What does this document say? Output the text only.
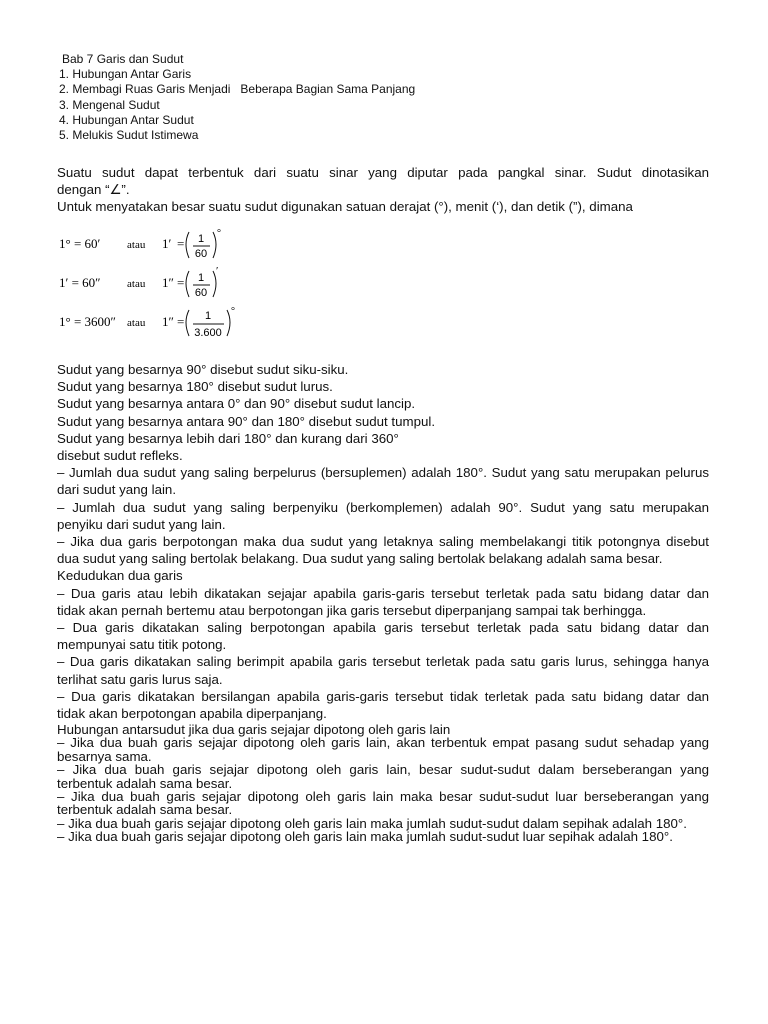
Bab 7 Garis dan Sudut
1. Hubungan Antar Garis
2. Membagi Ruas Garis Menjadi   Beberapa Bagian Sama Panjang
3. Mengenal Sudut
4. Hubungan Antar Sudut
5. Melukis Sudut Istimewa
Suatu sudut dapat terbentuk dari suatu sinar yang diputar pada pangkal sinar. Sudut dinotasikan
dengan “∠”.
Untuk menyatakan besar suatu sudut digunakan satuan derajat (°), menit (‘), dan detik (”), dimana
1° = 60′ atau 1′ = 1
60
°
1′ = 60″ atau 1″ = 1
60
′
1° = 3600″ atau 1″ = 1
3.600
°
Sudut yang besarnya 90° disebut sudut siku-siku.
Sudut yang besarnya 180° disebut sudut lurus.
Sudut yang besarnya antara 0° dan 90° disebut sudut lancip.
Sudut yang besarnya antara 90° dan 180° disebut sudut tumpul.
Sudut yang besarnya lebih dari 180° dan kurang dari 360°
disebut sudut refleks.
– Jumlah dua sudut yang saling berpelurus (bersuplemen) adalah 180°. Sudut yang satu merupakan pelurus
dari sudut yang lain.
– Jumlah dua sudut yang saling berpenyiku (berkomplemen) adalah 90°. Sudut yang satu merupakan
penyiku dari sudut yang lain.
– Jika dua garis berpotongan maka dua sudut yang letaknya saling membelakangi titik potongnya disebut
dua sudut yang saling bertolak belakang. Dua sudut yang saling bertolak belakang adalah sama besar.
Kedudukan dua garis
– Dua garis atau lebih dikatakan sejajar apabila garis-garis tersebut terletak pada satu bidang datar dan
tidak akan pernah bertemu atau berpotongan jika garis tersebut diperpanjang sampai tak berhingga.
– Dua garis dikatakan saling berpotongan apabila garis tersebut terletak pada satu bidang datar dan
mempunyai satu titik potong.
– Dua garis dikatakan saling berimpit apabila garis tersebut terletak pada satu garis lurus, sehingga hanya
terlihat satu garis lurus saja.
– Dua garis dikatakan bersilangan apabila garis-garis tersebut tidak terletak pada satu bidang datar dan
tidak akan berpotongan apabila diperpanjang.
Hubungan antarsudut jika dua garis sejajar dipotong oleh garis lain
– Jika dua buah garis sejajar dipotong oleh garis lain, akan terbentuk empat pasang sudut sehadap yang
besarnya sama.
– Jika dua buah garis sejajar dipotong oleh garis lain, besar sudut-sudut dalam berseberangan yang
terbentuk adalah sama besar.
– Jika dua buah garis sejajar dipotong oleh garis lain maka besar sudut-sudut luar berseberangan yang
terbentuk adalah sama besar.
– Jika dua buah garis sejajar dipotong oleh garis lain maka jumlah sudut-sudut dalam sepihak adalah 180°.
– Jika dua buah garis sejajar dipotong oleh garis lain maka jumlah sudut-sudut luar sepihak adalah 180°.
